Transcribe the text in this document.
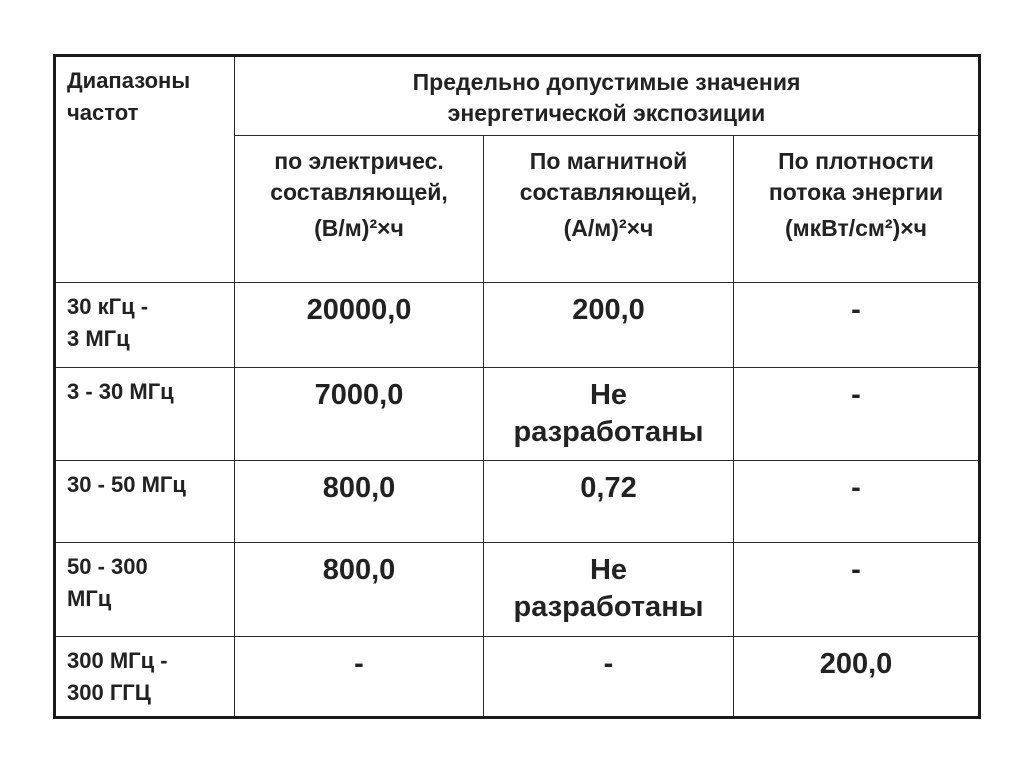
Диапазоны
частот	Предельно допустимые значения
энергетической экспозиции		
	по электричес.
составляющей,
(В/м)²×ч	По магнитной
составляющей,
(А/м)²×ч	По плотности
потока энергии
(мкВт/см²)×ч

30 кГц -
3 МГц	20000,0	200,0	-
3 - 30 МГц	7000,0	Не
разработаны	-
30 - 50 МГц	800,0	0,72	-
50 - 300
МГц	800,0	Не
разработаны	-
300 МГц -
300 ГГЦ	-	-	200,0
